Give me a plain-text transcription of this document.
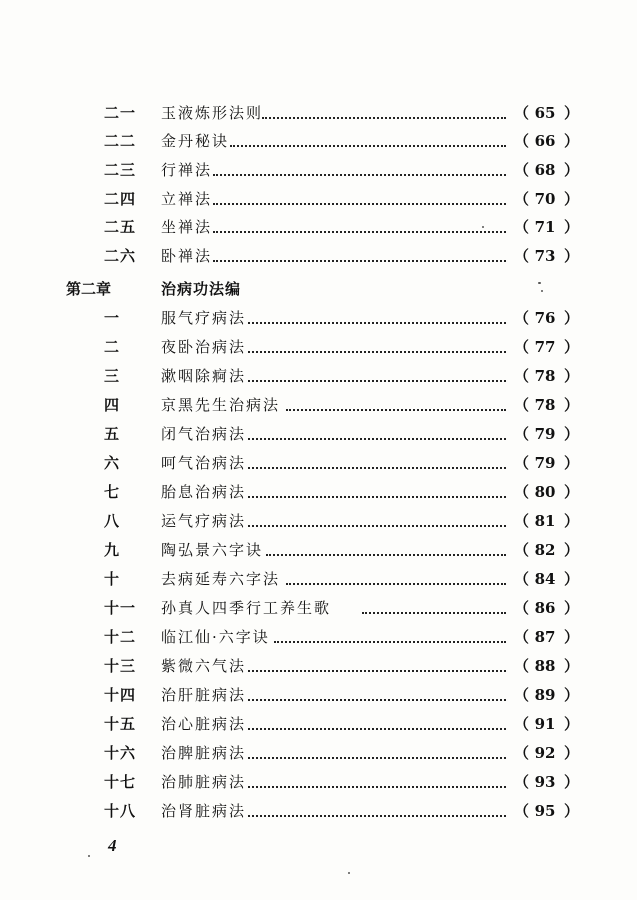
二一 玉液炼形法则	（ 65 ）
二二 金丹秘诀	（ 66 ）
二三 行禅法	（ 68 ）
二四 立禅法	（ 70 ）
二五 坐禅法	（ 71 ）
二六 卧禅法	（ 73 ）
第二章	治病功法编
一	服气疗病法	（ 76 ）
二	夜卧治病法	（ 77 ）
三	漱咽除痾法	（ 78 ）
四	京黑先生治病法	（ 78 ）
五	闭气治病法	（ 79 ）
六	呵气治病法	（ 79 ）
七	胎息治病法	（ 80 ）
八	运气疗病法	（ 81 ）
九	陶弘景六字诀	（ 82 ）
十	去病延寿六字法	（ 84 ）
十一 孙真人四季行工养生歌	（ 86 ）
十二 临江仙·六字诀	（ 87 ）
十三 紫微六气法	（ 88 ）
十四 治肝脏病法	（ 89 ）
十五 治心脏病法	（ 91 ）
十六 治脾脏病法	（ 92 ）
十七 治肺脏病法	（ 93 ）
十八 治肾脏病法	（ 95 ）
4
